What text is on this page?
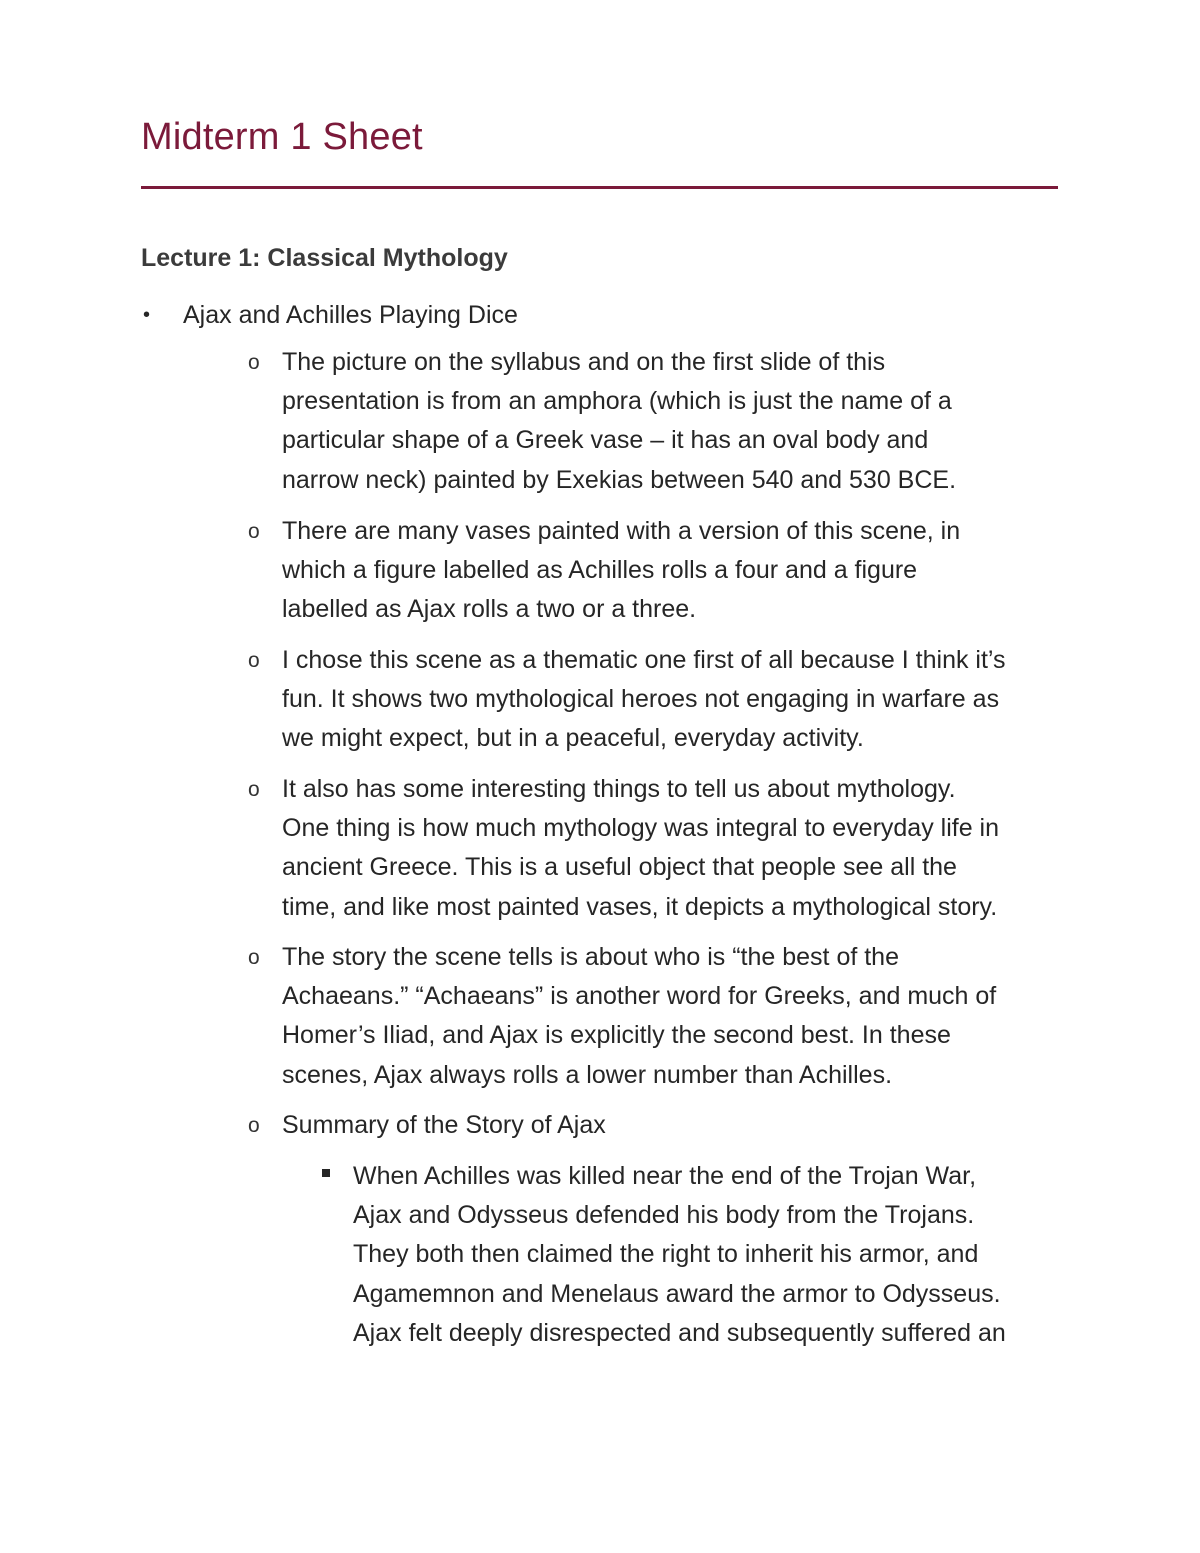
Midterm 1 Sheet
Lecture 1: Classical Mythology
• Ajax and Achilles Playing Dice
o The picture on the syllabus and on the first slide of this
presentation is from an amphora (which is just the name of a
particular shape of a Greek vase – it has an oval body and
narrow neck) painted by Exekias between 540 and 530 BCE.
o There are many vases painted with a version of this scene, in
which a figure labelled as Achilles rolls a four and a figure
labelled as Ajax rolls a two or a three.
o I chose this scene as a thematic one first of all because I think it’s
fun. It shows two mythological heroes not engaging in warfare as
we might expect, but in a peaceful, everyday activity.
o It also has some interesting things to tell us about mythology.
One thing is how much mythology was integral to everyday life in
ancient Greece. This is a useful object that people see all the
time, and like most painted vases, it depicts a mythological story.
o The story the scene tells is about who is “the best of the
Achaeans.” “Achaeans” is another word for Greeks, and much of
Homer’s Iliad, and Ajax is explicitly the second best. In these
scenes, Ajax always rolls a lower number than Achilles.
o Summary of the Story of Ajax
When Achilles was killed near the end of the Trojan War,
Ajax and Odysseus defended his body from the Trojans.
They both then claimed the right to inherit his armor, and
Agamemnon and Menelaus award the armor to Odysseus.
Ajax felt deeply disrespected and subsequently suffered an
